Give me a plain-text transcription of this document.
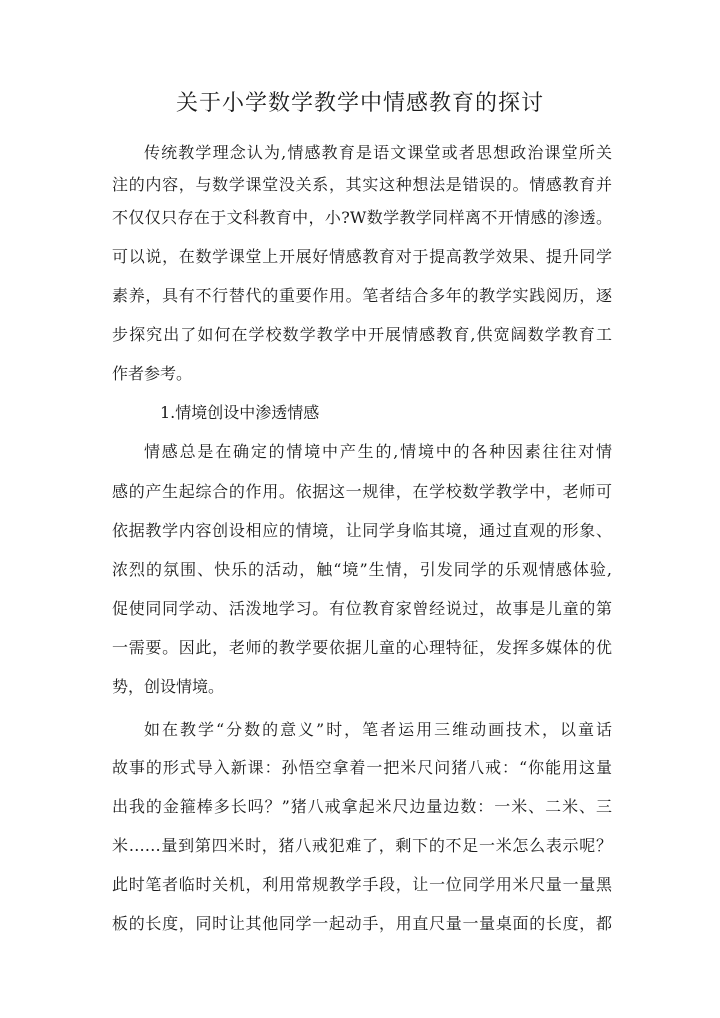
关于小学数学教学中情感教育的探讨
传统教学理念认为,情感教育是语文课堂或者思想政治课堂所关
注的内容，与数学课堂没关系，其实这种想法是错误的。情感教育并
不仅仅只存在于文科教育中，小?W数学教学同样离不开情感的渗透。
可以说，在数学课堂上开展好情感教育对于提高教学效果、提升同学
素养，具有不行替代的重要作用。笔者结合多年的教学实践阅历，逐
步探究出了如何在学校数学教学中开展情感教育,供宽阔数学教育工
作者参考。
1.情境创设中渗透情感
情感总是在确定的情境中产生的,情境中的各种因素往往对情
感的产生起综合的作用。依据这一规律，在学校数学教学中，老师可
依据教学内容创设相应的情境，让同学身临其境，通过直观的形象、
浓烈的氛围、快乐的活动，触“境”生情，引发同学的乐观情感体验,
促使同同学动、活泼地学习。有位教育家曾经说过，故事是儿童的第
一需要。因此，老师的教学要依据儿童的心理特征，发挥多媒体的优
势，创设情境。
如在教学“分数的意义”时，笔者运用三维动画技术，以童话
故事的形式导入新课：孙悟空拿着一把米尺问猪八戒：“你能用这量
出我的金箍棒多长吗？”猪八戒拿起米尺边量边数：一米、二米、三
米……量到第四米时，猪八戒犯难了，剩下的不足一米怎么表示呢？
此时笔者临时关机，利用常规教学手段，让一位同学用米尺量一量黑
板的长度，同时让其他同学一起动手，用直尺量一量桌面的长度，都
